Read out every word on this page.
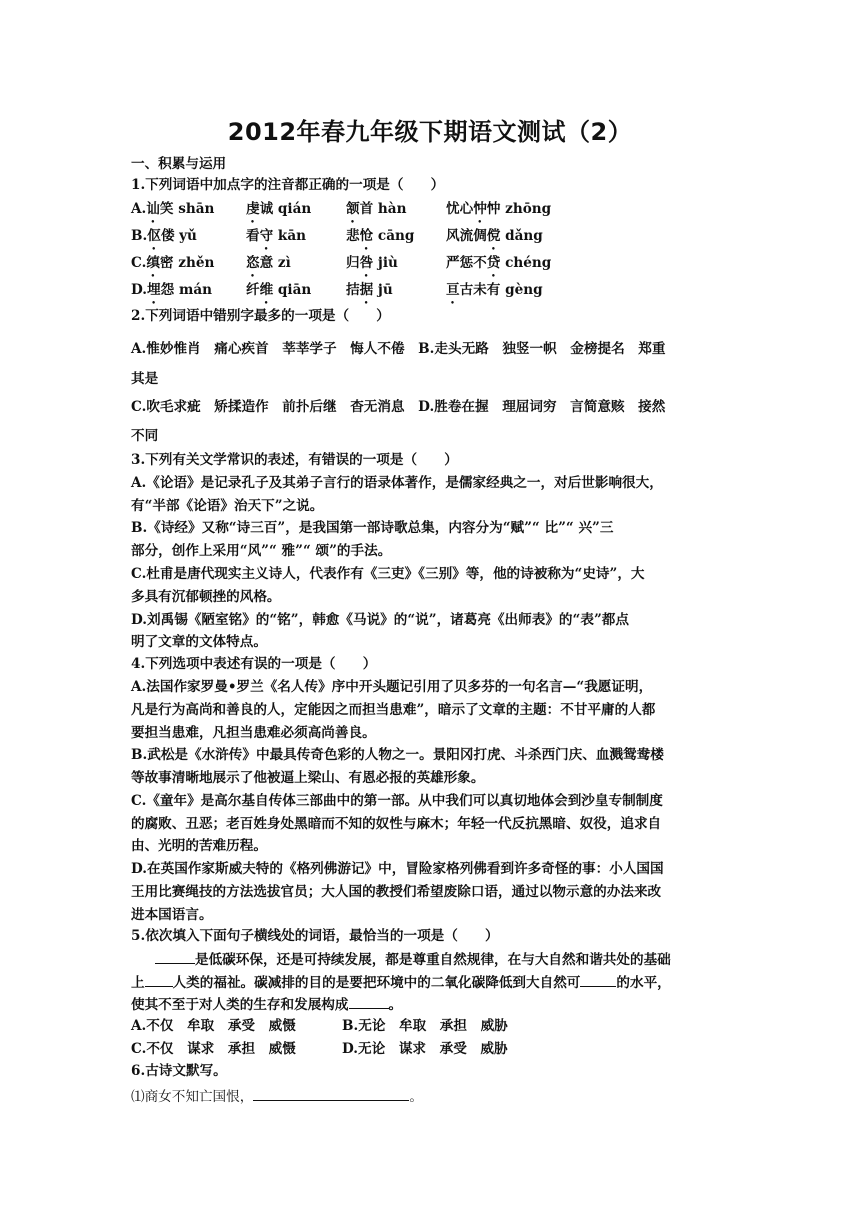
2012年春九年级下期语文测试（2）
一、积累与运用
1.下列词语中加点字的注音都正确的一项是（　　）
A.讪笑 shān 虔诚 qián	颔首 hàn	忧心忡忡 zhōng
B.伛偻 yǔ	看守 kān	悲怆 cāng 风流倜傥 dǎng
C.缜密 zhěn 恣意 zì	归咎 jiù	严惩不贷 chéng
D.埋怨 mán 纤维 qiān	拮据 jū	亘古未有 gèng
2.下列词语中错别字最多的一项是（　　）
A.惟妙惟肖　痛心疾首　莘莘学子　悔人不倦　B.走头无路　独竖一帜　金榜提名　郑重
其是
C.吹毛求疵　矫揉造作　前扑后继　杳无消息　D.胜卷在握　理屈词穷　言简意赅　接然
不同
3.下列有关文学常识的表述，有错误的一项是（　　）
A.《论语》是记录孔子及其弟子言行的语录体著作，是儒家经典之一，对后世影响很大，
有“半部《论语》治天下”之说。
B.《诗经》又称“诗三百”，是我国第一部诗歌总集，内容分为“赋”“ 比”“ 兴”三
部分，创作上采用“风”“ 雅”“ 颂”的手法。
C.杜甫是唐代现实主义诗人，代表作有《三吏》《三别》等，他的诗被称为“史诗”，大
多具有沉郁顿挫的风格。
D.刘禹锡《陋室铭》的“铭”，韩愈《马说》的“说”，诸葛亮《出师表》的“表”都点
明了文章的文体特点。
4.下列选项中表述有误的一项是（　　）
A.法国作家罗曼•罗兰《名人传》序中开头题记引用了贝多芬的一句名言—“我愿证明，
凡是行为高尚和善良的人，定能因之而担当患难”，暗示了文章的主题：不甘平庸的人都
要担当患难，凡担当患难必须高尚善良。
B.武松是《水浒传》中最具传奇色彩的人物之一。景阳冈打虎、斗杀西门庆、血溅鸳鸯楼
等故事清晰地展示了他被逼上梁山、有恩必报的英雄形象。
C.《童年》是高尔基自传体三部曲中的第一部。从中我们可以真切地体会到沙皇专制制度
的腐败、丑恶；老百姓身处黑暗而不知的奴性与麻木；年轻一代反抗黑暗、奴役，追求自
由、光明的苦难历程。
D.在英国作家斯威夫特的《格列佛游记》中，冒险家格列佛看到许多奇怪的事：小人国国
王用比赛绳技的方法选拔官员；大人国的教授们希望废除口语，通过以物示意的办法来改
进本国语言。
5.依次填入下面句子横线处的词语，最恰当的一项是（　　）
是低碳环保，还是可持续发展，都是尊重自然规律，在与大自然和谐共处的基础
上 人类的福祉。碳减排的目的是要把环境中的二氧化碳降低到大自然可	的水平，
使其不至于对人类的生存和发展构成	。
A.不仅　牟取　承受　威慑	B.无论　牟取　承担　威胁
C.不仅　谋求　承担　威慑	D.无论　谋求　承受　威胁
6.古诗文默写。
⑴商女不知亡国恨，	。
